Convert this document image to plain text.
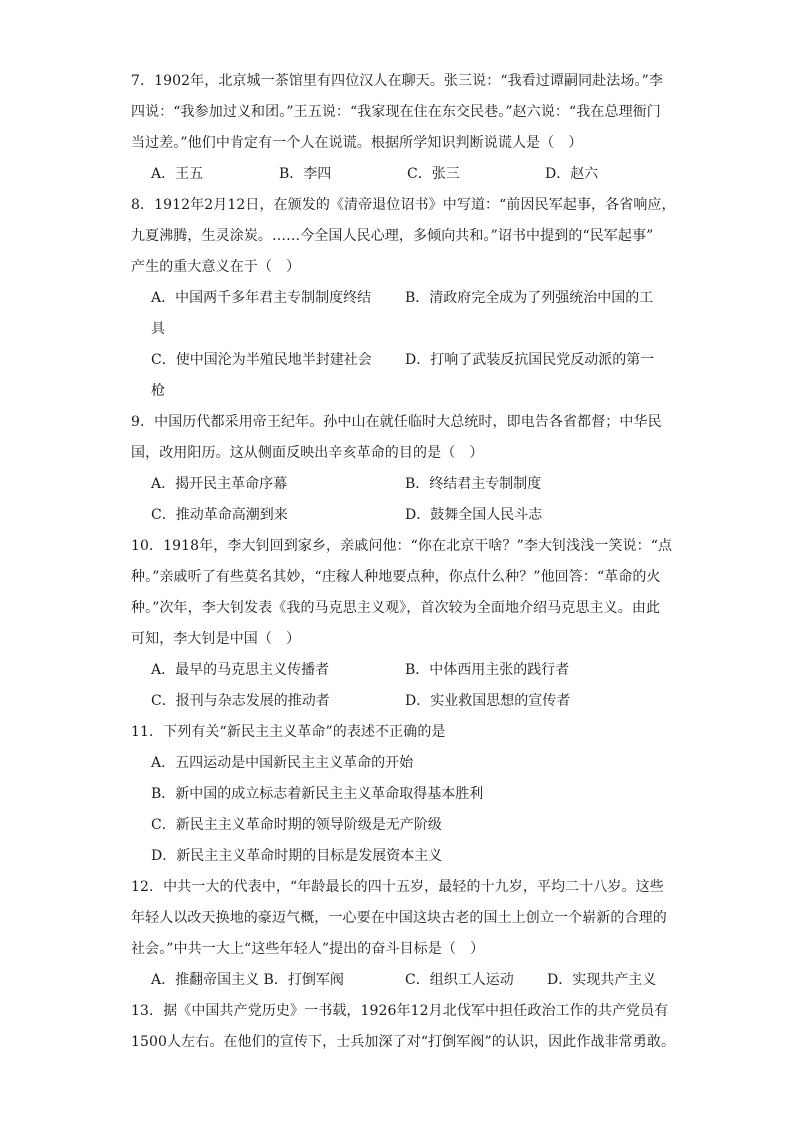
7．1902年，北京城一茶馆里有四位汉人在聊天。张三说：“我看过谭嗣同赴法场。”李
四说：“我参加过义和团。”王五说：“我家现在住在东交民巷。”赵六说：“我在总理衙门
当过差。”他们中肯定有一个人在说谎。根据所学知识判断说谎人是（　）
A．王五	B．李四	C．张三	D．赵六
8．1912年2月12日，在颁发的《清帝退位诏书》中写道：“前因民军起事，各省响应，
九夏沸腾，生灵涂炭。……今全国人民心理，多倾向共和。”诏书中提到的“民军起事”
产生的重大意义在于（　）
A．中国两千多年君主专制制度终结	B．清政府完全成为了列强统治中国的工
具
C．使中国沦为半殖民地半封建社会	D．打响了武装反抗国民党反动派的第一
枪
9．中国历代都采用帝王纪年。孙中山在就任临时大总统时，即电告各省都督；中华民
国，改用阳历。这从侧面反映出辛亥革命的目的是（　）
A．揭开民主革命序幕	B．终结君主专制制度
C．推动革命高潮到来	D．鼓舞全国人民斗志
10．1918年，李大钊回到家乡，亲戚问他：“你在北京干啥？”李大钊浅浅一笑说：“点
种。”亲戚听了有些莫名其妙，“庄稼人种地要点种，你点什么种？”他回答：“革命的火
种。”次年，李大钊发表《我的马克思主义观》，首次较为全面地介绍马克思主义。由此
可知，李大钊是中国（　）
A．最早的马克思主义传播者	B．中体西用主张的践行者
C．报刊与杂志发展的推动者	D．实业救国思想的宣传者
11．下列有关“新民主主义革命”的表述不正确的是
A．五四运动是中国新民主主义革命的开始
B．新中国的成立标志着新民主主义革命取得基本胜利
C．新民主主义革命时期的领导阶级是无产阶级
D．新民主主义革命时期的目标是发展资本主义
12．中共一大的代表中，“年龄最长的四十五岁，最轻的十九岁，平均二十八岁。这些
年轻人以改天换地的豪迈气概，一心要在中国这块古老的国土上创立一个崭新的合理的
社会。”中共一大上“这些年轻人”提出的奋斗目标是（　）
A．推翻帝国主义 B．打倒军阀	C．组织工人运动	D．实现共产主义
13．据《中国共产党历史》一书载，1926年12月北伐军中担任政治工作的共产党员有
1500人左右。在他们的宣传下，士兵加深了对“打倒军阀”的认识，因此作战非常勇敢。
